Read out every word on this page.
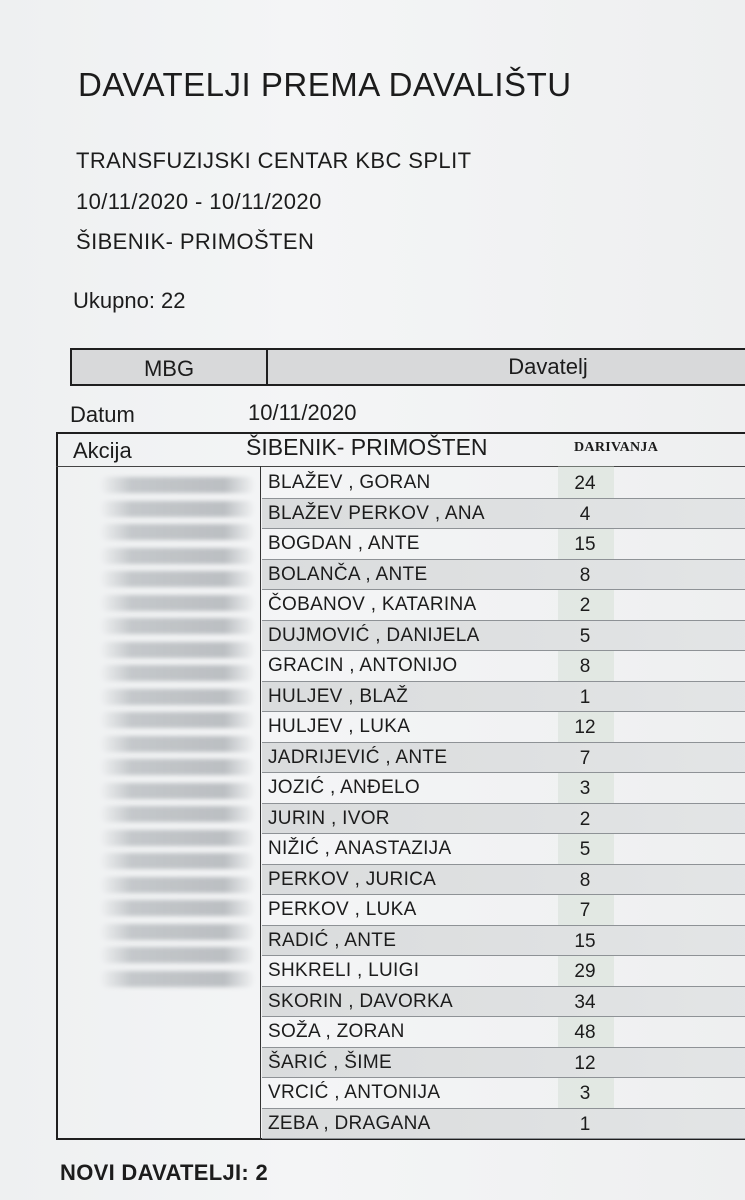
DAVATELJI PREMA DAVALIŠTU
TRANSFUZIJSKI CENTAR KBC SPLIT
10/11/2020 - 10/11/2020
ŠIBENIK- PRIMOŠTEN
Ukupno: 22
MBG	Davatelj
Datum	10/11/2020
Akcija	ŠIBENIK- PRIMOŠTEN	DARIVANJA
BLAŽEV , GORAN	24
BLAŽEV PERKOV , ANA	4
BOGDAN , ANTE	15
BOLANČA , ANTE	8
ČOBANOV , KATARINA	2
DUJMOVIĆ , DANIJELA	5
GRACIN , ANTONIJO	8
HULJEV , BLAŽ	1
HULJEV , LUKA	12
JADRIJEVIĆ , ANTE	7
JOZIĆ , ANĐELO	3
JURIN , IVOR	2
NIŽIĆ , ANASTAZIJA	5
PERKOV , JURICA	8
PERKOV , LUKA	7
RADIĆ , ANTE	15
SHKRELI , LUIGI	29
SKORIN , DAVORKA	34
SOŽA , ZORAN	48
ŠARIĆ , ŠIME	12
VRCIĆ , ANTONIJA	3
ZEBA , DRAGANA	1
NOVI DAVATELJI: 2
